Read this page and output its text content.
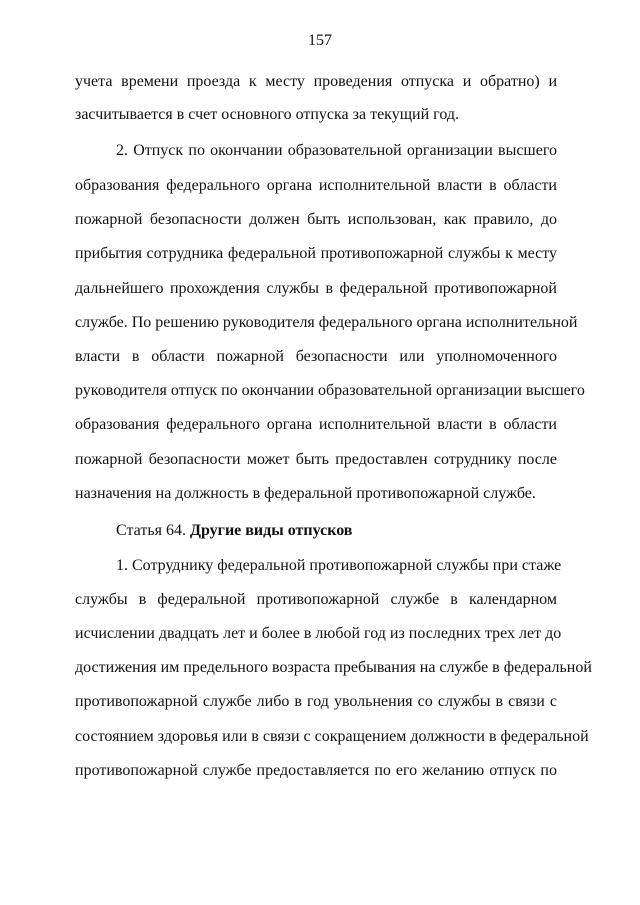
157
учета времени проезда к месту проведения отпуска и обратно) и
засчитывается в счет основного отпуска за текущий год.
2. Отпуск по окончании образовательной организации высшего
образования федерального органа исполнительной власти в области
пожарной безопасности должен быть использован, как правило, до
прибытия сотрудника федеральной противопожарной службы к месту
дальнейшего прохождения службы в федеральной противопожарной
службе. По решению руководителя федерального органа исполнительной
власти в области пожарной безопасности или уполномоченного
руководителя отпуск по окончании образовательной организации высшего
образования федерального органа исполнительной власти в области
пожарной безопасности может быть предоставлен сотруднику после
назначения на должность в федеральной противопожарной службе.
Статья 64. Другие виды отпусков
1. Сотруднику федеральной противопожарной службы при стаже
службы в федеральной противопожарной службе в календарном
исчислении двадцать лет и более в любой год из последних трех лет до
достижения им предельного возраста пребывания на службе в федеральной
противопожарной службе либо в год увольнения со службы в связи с
состоянием здоровья или в связи с сокращением должности в федеральной
противопожарной службе предоставляется по его желанию отпуск по
